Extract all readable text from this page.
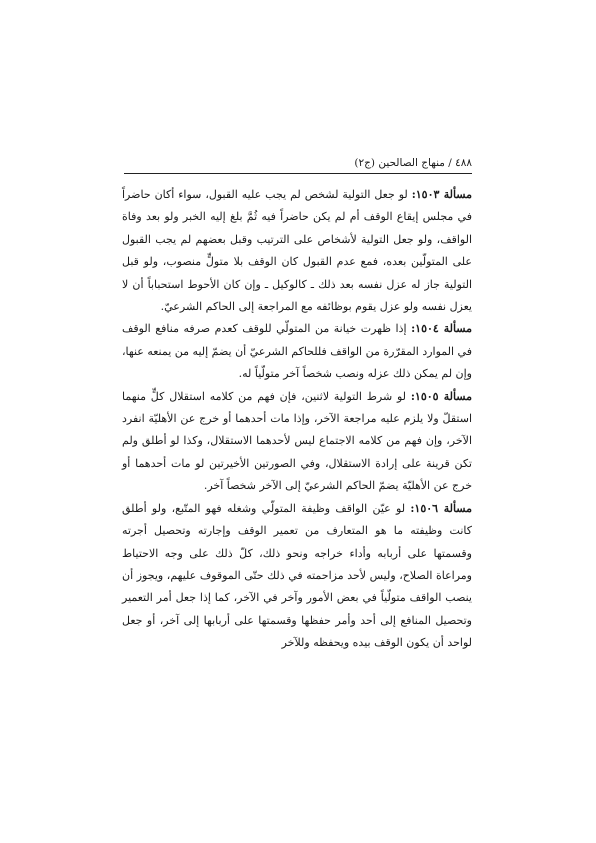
٤٨٨ / منهاج الصالحين (ج٢)

مسألة ١٥٠٣: لو جعل التولية لشخص لم يجب عليه القبول، سواء أكان حاضراً في مجلس إيقاع الوقف أم لم يكن حاضراً فيه ثُمَّ بلغ إليه الخبر ولو بعد وفاة الواقف، ولو جعل التولية لأشخاص على الترتيب وقبل بعضهم لم يجب القبول على المتولّين بعده، فمع عدم القبول كان الوقف بلا متولٍّ منصوب، ولو قبل التولية جاز له عزل نفسه بعد ذلك ـ كالوكيل ـ وإن كان الأحوط استحباباً أن لا يعزل نفسه ولو عزل يقوم بوظائفه مع المراجعة إلى الحاكم الشرعيّ.

مسألة ١٥٠٤: إذا ظهرت خيانة من المتولّي للوقف كعدم صرفه منافع الوقف في الموارد المقرّرة من الواقف فللحاكم الشرعيّ أن يضمّ إليه من يمنعه عنها، وإن لم يمكن ذلك عزله ونصب شخصاً آخر متولّياً له.

مسألة ١٥٠٥: لو شرط التولية لاثنين، فإن فهم من كلامه استقلال كلٍّ منهما استقلّ ولا يلزم عليه مراجعة الآخر، وإذا مات أحدهما أو خرج عن الأهليّة انفرد الآخر، وإن فهم من كلامه الاجتماع ليس لأحدهما الاستقلال، وكذا لو أطلق ولم تكن قرينة على إرادة الاستقلال، وفي الصورتين الأخيرتين لو مات أحدهما أو خرج عن الأهليّة يضمّ الحاكم الشرعيّ إلى الآخر شخصاً آخر.

مسألة ١٥٠٦: لو عيّن الواقف وظيفة المتولّي وشغله فهو المتّبع، ولو أطلق كانت وظيفته ما هو المتعارف من تعمير الوقف وإجارته وتحصيل أجرته وقسمتها على أربابه وأداء خراجه ونحو ذلك، كلّ ذلك على وجه الاحتياط ومراعاة الصلاح، وليس لأحد مزاحمته في ذلك حتّى الموقوف عليهم، ويجوز أن ينصب الواقف متولّياً في بعض الأمور وآخر في الآخر، كما إذا جعل أمر التعمير وتحصيل المنافع إلى أحد وأمر حفظها وقسمتها على أربابها إلى آخر، أو جعل لواحد أن يكون الوقف بيده ويحفظه وللآخر
